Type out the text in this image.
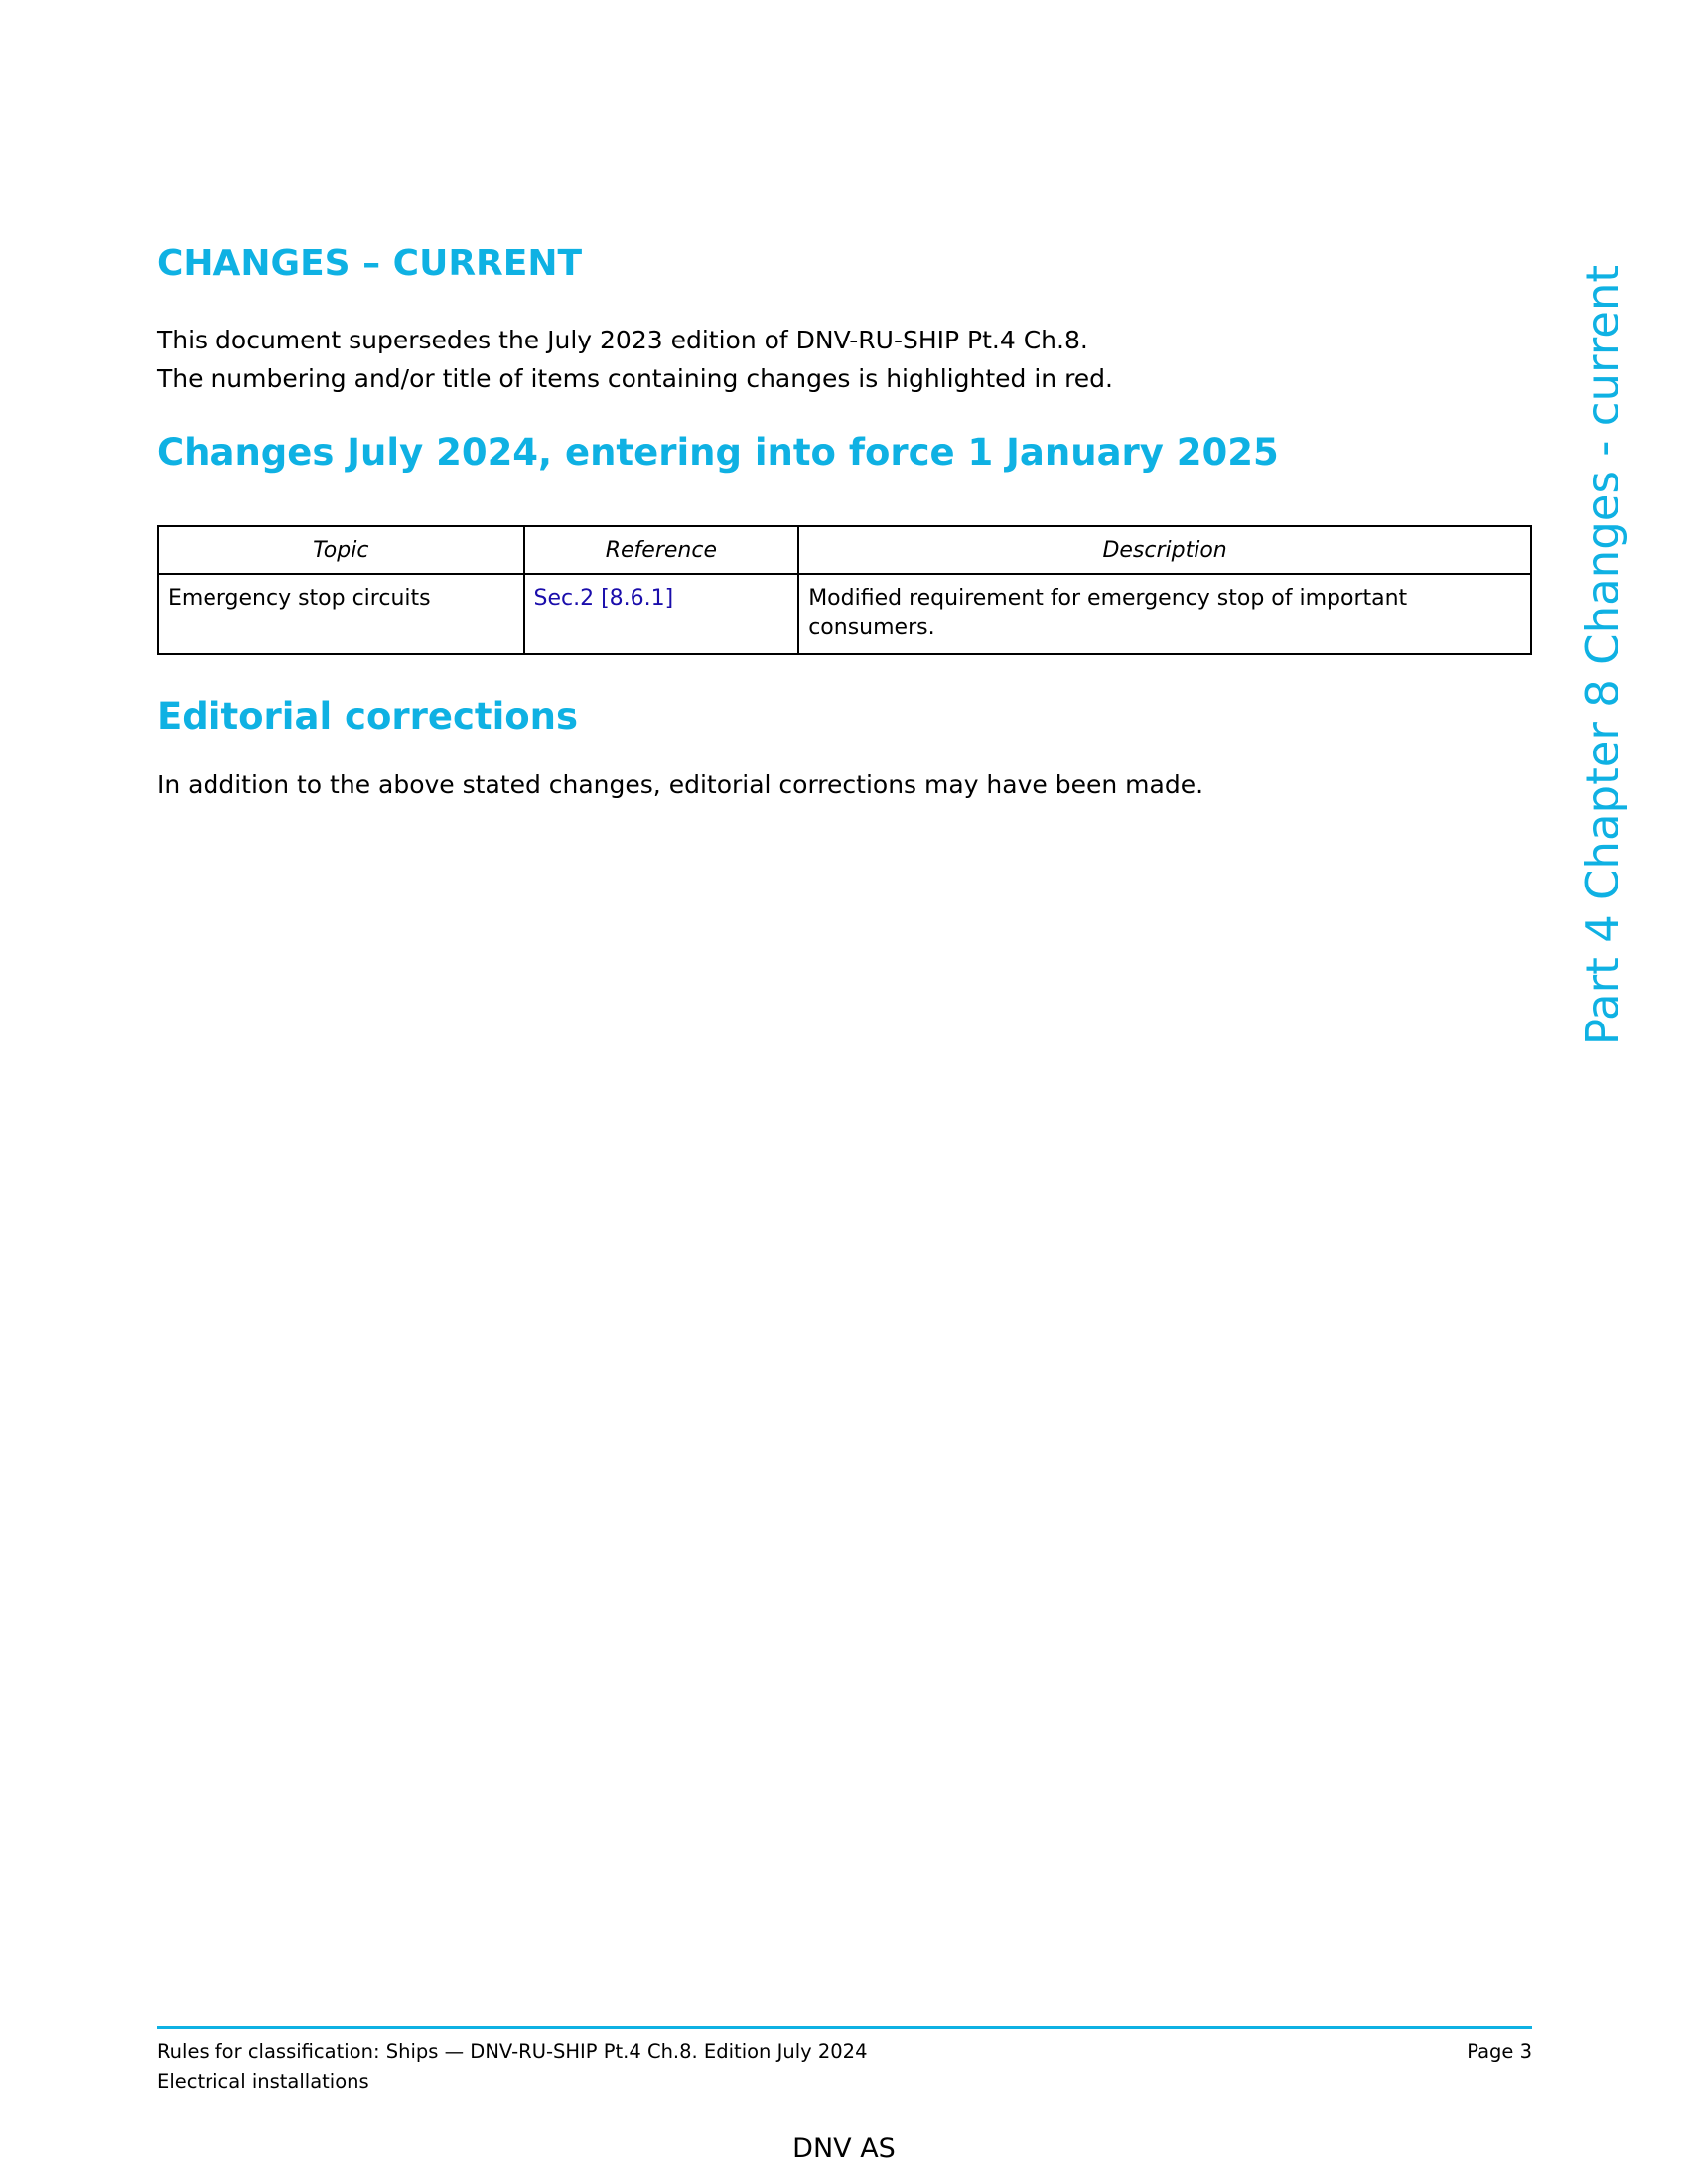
CHANGES – CURRENT

This document supersedes the July 2023 edition of DNV-RU-SHIP Pt.4 Ch.8.

The numbering and/or title of items containing changes is highlighted in red.

Changes July 2024, entering into force 1 January 2025
Topic	Reference	Description
Emergency stop circuits	Sec.2 [8.6.1]	Modified requirement for emergency stop of important consumers.
Editorial corrections

In addition to the above stated changes, editorial corrections may have been made.	Part 4 Chapter 8 Changes - current
Rules for classification: Ships — DNV-RU-SHIP Pt.4 Ch.8. Edition July 2024
Electrical installations
Page 3
DNV AS
